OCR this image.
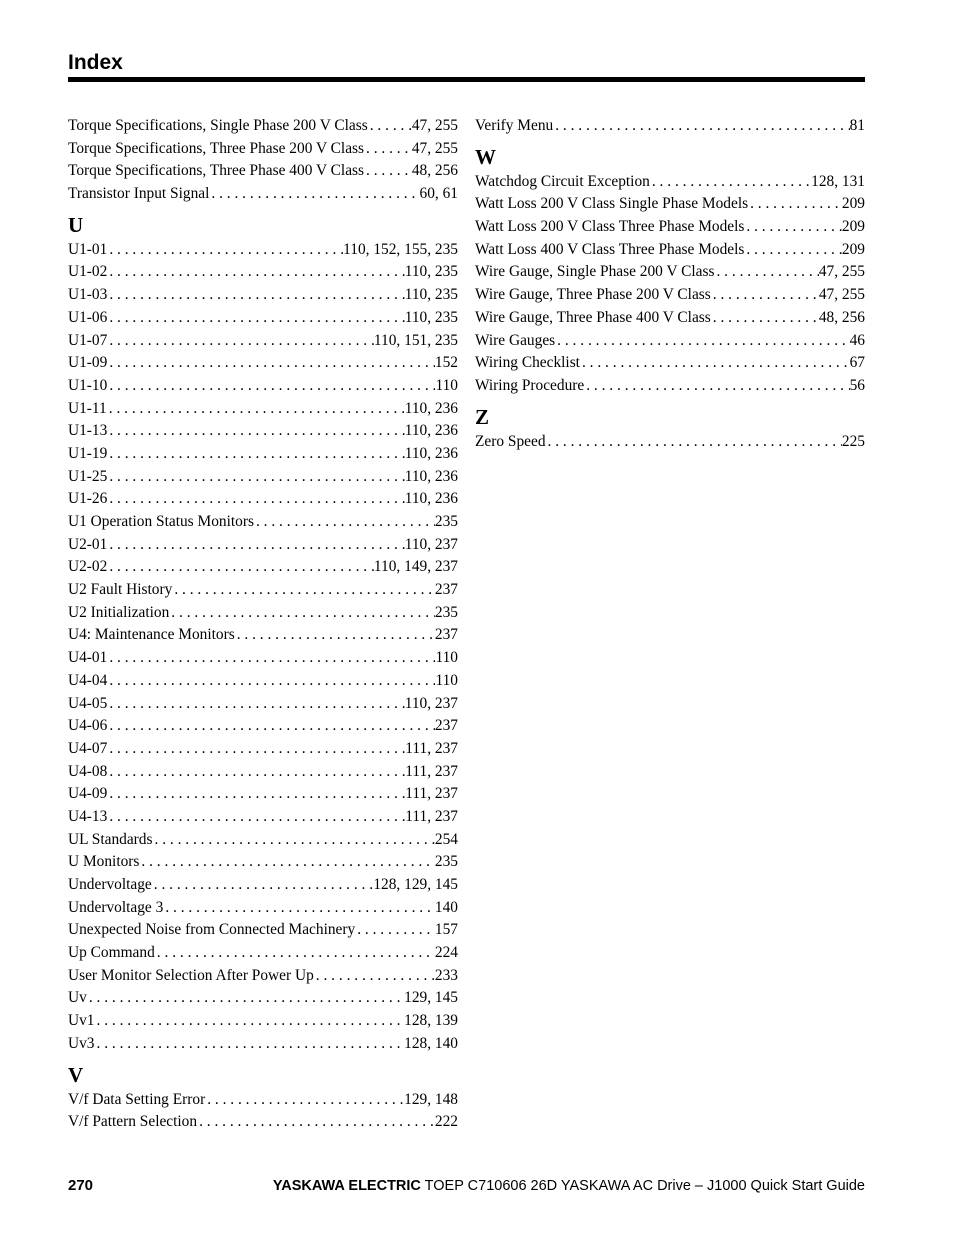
Index
Torque Specifications, Single Phase 200 V Class . . .	47, 255
Torque Specifications, Three Phase 200 V Class . . .	47, 255
Torque Specifications, Three Phase 400 V Class . . .	48, 256
Transistor Input Signal . . .	60, 61
U
U1-01 . . .	110, 152, 155, 235
U1-02 . . .	110, 235
U1-03 . . .	110, 235
U1-06 . . .	110, 235
U1-07 . . .	110, 151, 235
U1-09 . . .	152
U1-10 . . .	110
U1-11 . . .	110, 236
U1-13 . . .	110, 236
U1-19 . . .	110, 236
U1-25 . . .	110, 236
U1-26 . . .	110, 236
U1 Operation Status Monitors . . .	235
U2-01 . . .	110, 237
U2-02 . . .	110, 149, 237
U2 Fault History . . .	237
U2 Initialization . . .	235
U4: Maintenance Monitors . . .	237
U4-01 . . .	110
U4-04 . . .	110
U4-05 . . .	110, 237
U4-06 . . .	237
U4-07 . . .	111, 237
U4-08 . . .	111, 237
U4-09 . . .	111, 237
U4-13 . . .	111, 237
UL Standards . . .	254
U Monitors . . .	235
Undervoltage . . .	128, 129, 145
Undervoltage 3 . . .	140
Unexpected Noise from Connected Machinery . . .	157
Up Command . . .	224
User Monitor Selection After Power Up . . .	233
Uv . . .	129, 145
Uv1 . . .	128, 139
Uv3 . . .	128, 140
V
V/f Data Setting Error . . .	129, 148
V/f Pattern Selection . . .	222
Verify Menu . . .	81
W
Watchdog Circuit Exception . . .	128, 131
Watt Loss 200 V Class Single Phase Models . . .	209
Watt Loss 200 V Class Three Phase Models . . .	209
Watt Loss 400 V Class Three Phase Models . . .	209
Wire Gauge, Single Phase 200 V Class . . .	47, 255
Wire Gauge, Three Phase 200 V Class . . .	47, 255
Wire Gauge, Three Phase 400 V Class . . .	48, 256
Wire Gauges . . .	46
Wiring Checklist . . .	67
Wiring Procedure . . .	56
Z
Zero Speed . . .	225
270	YASKAWA ELECTRIC TOEP C710606 26D YASKAWA AC Drive – J1000 Quick Start Guide
